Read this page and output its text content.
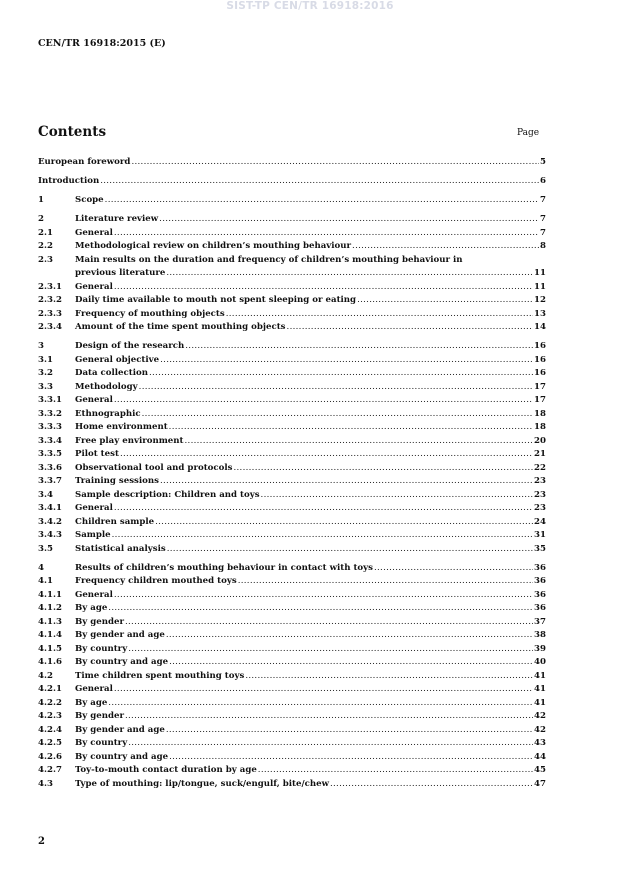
SIST-TP CEN/TR 16918:2016
CEN/TR 16918:2015 (E)
Contents	Page
European foreword .....	5
Introduction .....	6
1	Scope .....	7
2	Literature review .....	7
2.1	General .....	7
2.2	Methodological review on children’s mouthing behaviour .....	8
2.3	Main results on the duration and frequency of children’s mouthing behaviour in
previous literature .....	11
2.3.1 General .....	11
2.3.2 Daily time available to mouth not spent sleeping or eating .....	12
2.3.3 Frequency of mouthing objects .....	13
2.3.4 Amount of the time spent mouthing objects .....	14
3	Design of the research .....	16
3.1	General objective .....	16
3.2	Data collection .....	16
3.3	Methodology .....	17
3.3.1 General .....	17
3.3.2 Ethnographic .....	18
3.3.3 Home environment .....	18
3.3.4 Free play environment .....	20
3.3.5 Pilot test .....	21
3.3.6 Observational tool and protocols .....	22
3.3.7 Training sessions .....	23
3.4	Sample description: Children and toys .....	23
3.4.1 General .....	23
3.4.2 Children sample .....	24
3.4.3 Sample .....	31
3.5	Statistical analysis .....	35
4	Results of children’s mouthing behaviour in contact with toys .....	36
4.1	Frequency children mouthed toys .....	36
4.1.1 General .....	36
4.1.2 By age .....	36
4.1.3 By gender .....	37
4.1.4 By gender and age .....	38
4.1.5 By country .....	39
4.1.6 By country and age .....	40
4.2	Time children spent mouthing toys .....	41
4.2.1 General .....	41
4.2.2 By age .....	41
4.2.3 By gender .....	42
4.2.4 By gender and age .....	42
4.2.5 By country .....	43
4.2.6 By country and age .....	44
4.2.7 Toy-to-mouth contact duration by age .....	45
4.3	Type of mouthing: lip/tongue, suck/engulf, bite/chew .....	47
2
